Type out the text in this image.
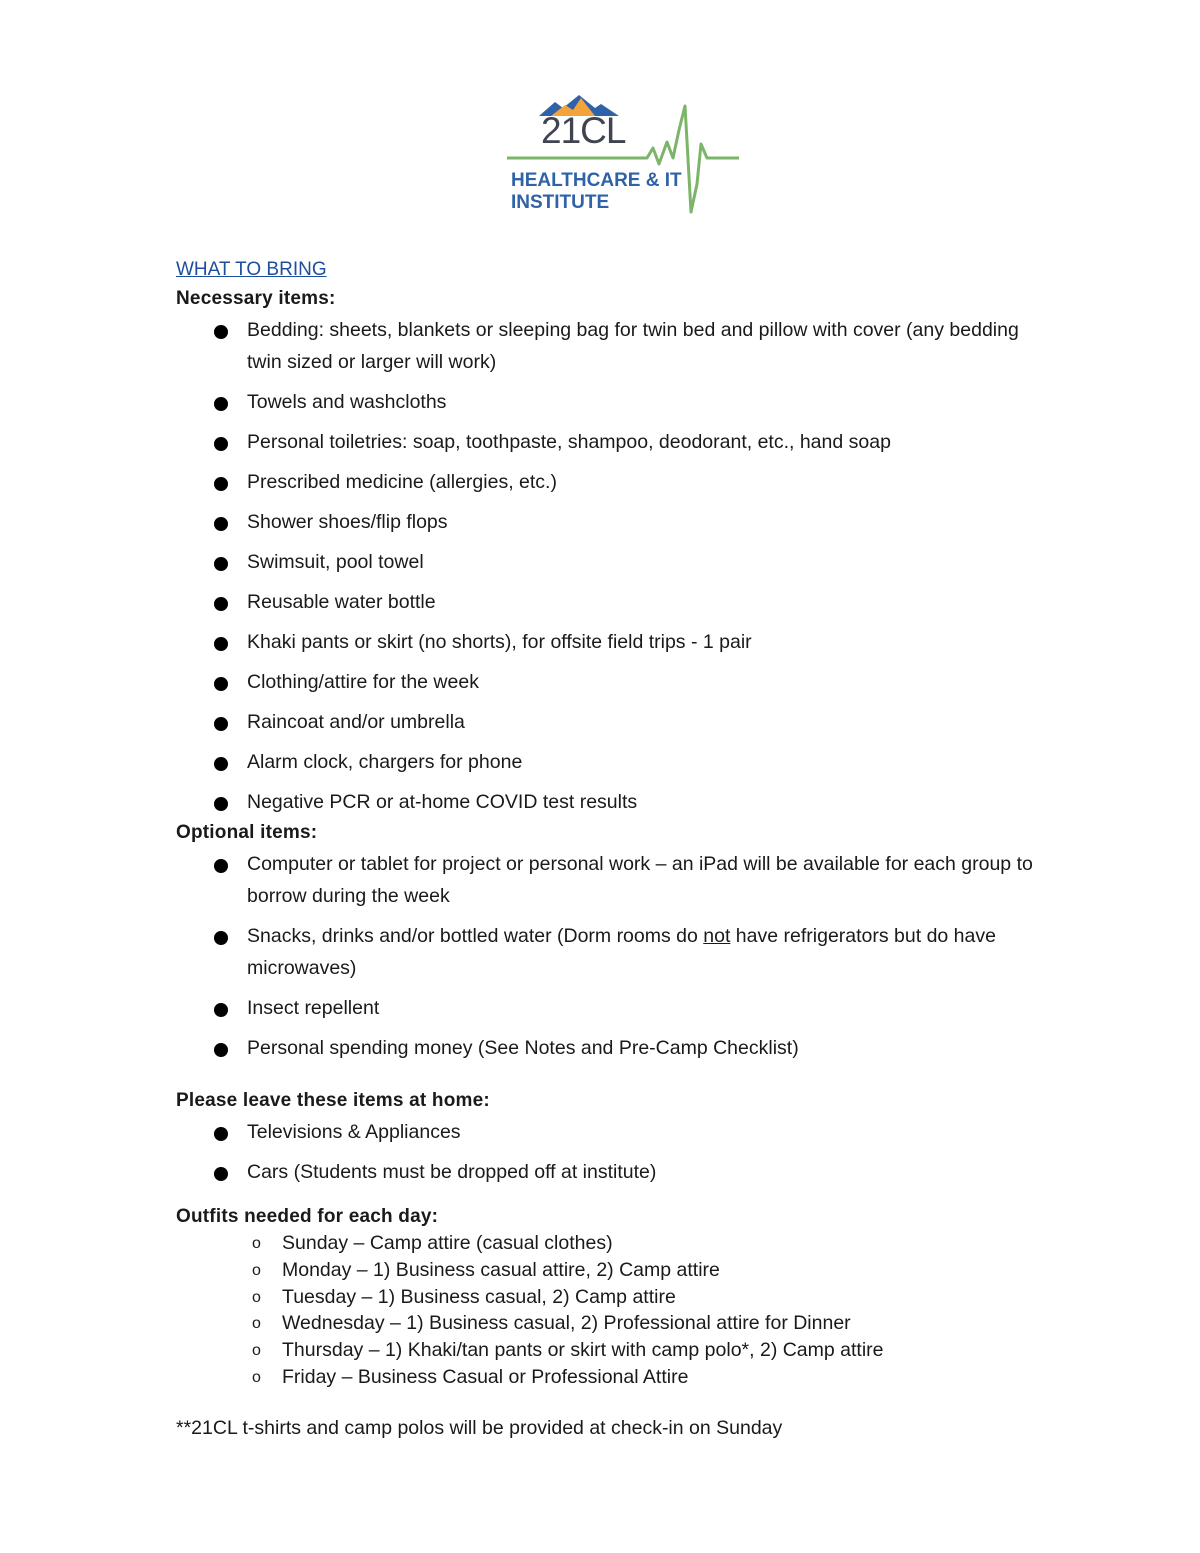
21CL
HEALTHCARE & IT
INSTITUTE
WHAT TO BRING
Necessary items:
Bedding: sheets, blankets or sleeping bag for twin bed and pillow with cover (any bedding twin sized or larger will work)
Towels and washcloths
Personal toiletries: soap, toothpaste, shampoo, deodorant, etc., hand soap
Prescribed medicine (allergies, etc.)
Shower shoes/flip flops
Swimsuit, pool towel
Reusable water bottle
Khaki pants or skirt (no shorts), for offsite field trips - 1 pair
Clothing/attire for the week
Raincoat and/or umbrella
Alarm clock, chargers for phone
Negative PCR or at-home COVID test results
Optional items:
Computer or tablet for project or personal work – an iPad will be available for each group to borrow during the week
Snacks, drinks and/or bottled water (Dorm rooms do not have refrigerators but do have microwaves)
Insect repellent
Personal spending money (See Notes and Pre-Camp Checklist)
Please leave these items at home:
Televisions & Appliances
Cars (Students must be dropped off at institute)
Outfits needed for each day:
o Sunday – Camp attire (casual clothes)
o Monday – 1) Business casual attire, 2) Camp attire
o Tuesday – 1) Business casual, 2) Camp attire
o Wednesday – 1) Business casual, 2) Professional attire for Dinner
o Thursday – 1) Khaki/tan pants or skirt with camp polo*, 2) Camp attire
o Friday – Business Casual or Professional Attire
**21CL t-shirts and camp polos will be provided at check-in on Sunday
